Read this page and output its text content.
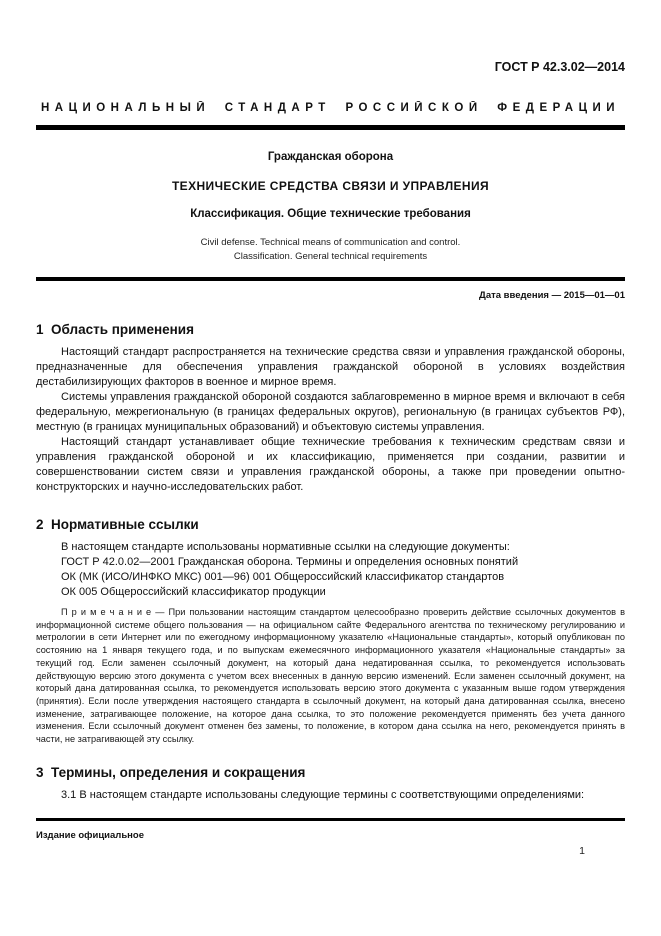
ГОСТ Р 42.3.02—2014
НАЦИОНАЛЬНЫЙ СТАНДАРТ РОССИЙСКОЙ ФЕДЕРАЦИИ
Гражданская оборона
ТЕХНИЧЕСКИЕ СРЕДСТВА СВЯЗИ И УПРАВЛЕНИЯ
Классификация. Общие технические требования
Civil defense. Technical means of communication and control.
Classification. General technical requirements
Дата введения — 2015—01—01
1  Область применения

Настоящий стандарт распространяется на технические средства связи и управления гражданской обороны, предназначенные для обеспечения управления гражданской обороной в условиях воздействия дестабилизирующих факторов в военное и мирное время.

Системы управления гражданской обороной создаются заблаговременно в мирное время и включают в себя федеральную, межрегиональную (в границах федеральных округов), региональную (в границах субъектов РФ), местную (в границах муниципальных образований) и объектовую системы управления.

Настоящий стандарт устанавливает общие технические требования к техническим средствам связи и управления гражданской обороной и их классификацию, применяется при создании, развитии и совершенствовании систем связи и управления гражданской обороны, а также при проведении опытно-конструкторских и научно-исследовательских работ.

2  Нормативные ссылки

В настоящем стандарте использованы нормативные ссылки на следующие документы:

ГОСТ Р 42.0.02—2001 Гражданская оборона. Термины и определения основных понятий

ОК (МК (ИСО/ИНФКО МКС) 001—96) 001 Общероссийский классификатор стандартов

ОК 005 Общероссийский классификатор продукции

П р и м е ч а н и е — При пользовании настоящим стандартом целесообразно проверить действие ссылочных документов в информационной системе общего пользования — на официальном сайте Федерального агентства по техническому регулированию и метрологии в сети Интернет или по ежегодному информационному указателю «Национальные стандарты», который опубликован по состоянию на 1 января текущего года, и по выпускам ежемесячного информационного указателя «Национальные стандарты» за текущий год. Если заменен ссылочный документ, на который дана недатированная ссылка, то рекомендуется использовать действующую версию этого документа с учетом всех внесенных в данную версию изменений. Если заменен ссылочный документ, на который дана датированная ссылка, то рекомендуется использовать версию этого документа с указанным выше годом утверждения (принятия). Если после утверждения настоящего стандарта в ссылочный документ, на который дана датированная ссылка, внесено изменение, затрагивающее положение, на которое дана ссылка, то это положение рекомендуется применять без учета данного изменения. Если ссылочный документ отменен без замены, то положение, в котором дана ссылка на него, рекомендуется принять в части, не затрагивающей эту ссылку.

3  Термины, определения и сокращения

3.1 В настоящем стандарте использованы следующие термины с соответствующими определениями:

Издание официальное
1
